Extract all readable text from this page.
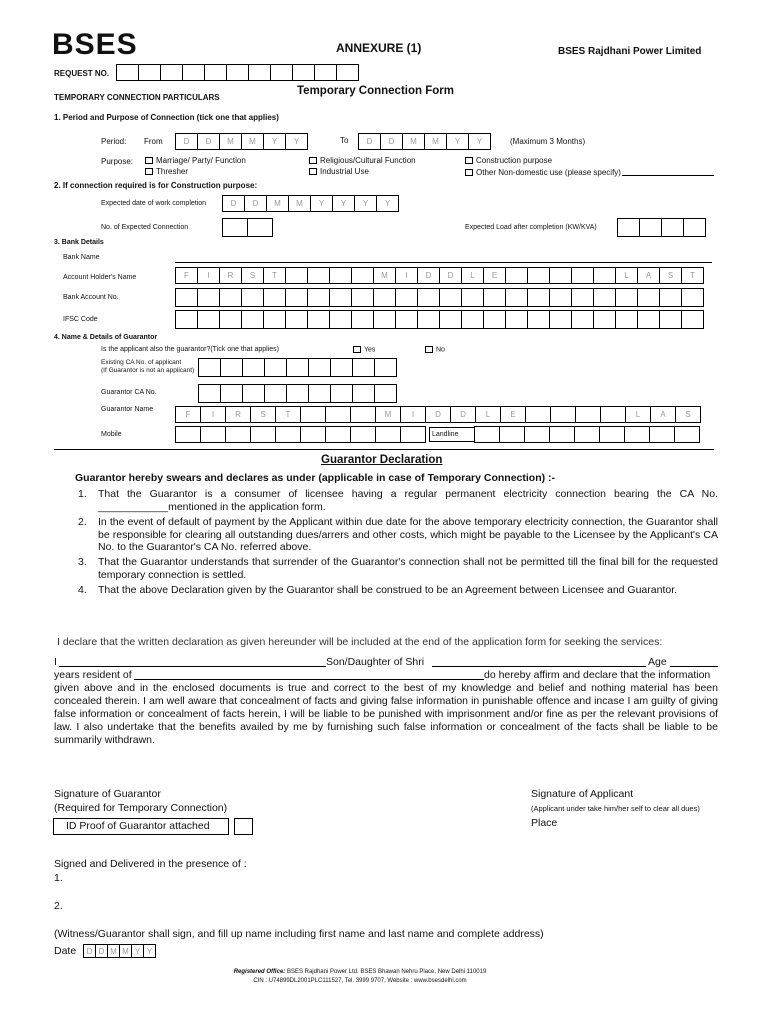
BSES	ANNEXURE (1)	BSES Rajdhani Power Limited
REQUEST NO.
TEMPORARY CONNECTION PARTICULARS
Temporary Connection Form
1. Period and Purpose of Connection (tick one that applies)
Period: From	D	D	M	M	Y	Y	To	D	D	M	M	Y	Y	(Maximum 3 Months)
Purpose:	Marriage/ Party/ Function	Religious/Cultural Function	Construction purpose
Thresher	Industrial Use	Other Non-domestic use (please specify)
2. If connection required is for Construction purpose:
Expected date of work completion	D	D	M	M	Y	Y	Y	Y
No. of Expected Connection	Expected Load after completion (KW/KVA)
3. Bank Details
Bank Name
Account Holder's Name	F	I	R	S	T	M	I	D	D	L	E	L	A	S	T
Bank Account No.
IFSC Code
4. Name & Details of Guarantor
Is the applicant also the guarantor?(Tick one that applies)	Yes	No
Existing CA No. of applicant
(If Guarantor is not an applicant)
Guarantor CA No.
Guarantor Name
F	I	R	S	T	M	I	D	D	L	E	L	A	S
Mobile	Landline
Guarantor Declaration
Guarantor hereby swears and declares as under (applicable in case of Temporary Connection) :-
1. That the Guarantor is a consumer of licensee having a regular permanent electricity connection bearing the CA No. ____________mentioned in the application form.
2. In the event of default of payment by the Applicant within due date for the above temporary electricity connection, the Guarantor shall be responsible for clearing all outstanding dues/arrers and other costs, which might be payable to the Licensee by the Applicant's CA No. to the Guarantor's CA No. referred above.
3. That the Guarantor understands that surrender of the Guarantor's connection shall not be permitted till the final bill for the requested temporary connection is settled.
4. That the above Declaration given by the Guarantor shall be construed to be an Agreement between Licensee and Guarantor.
I declare that the written declaration as given hereunder will be included at the end of the application form for seeking the services:
I	Son/Daughter of Shri	Age
years resident of	do hereby affirm and declare that the information
given above and in the enclosed documents is true and correct to the best of my knowledge and belief and nothing material has been concealed therein. I am well aware that concealment of facts and giving false information in punishable offence and incase I am guilty of giving false information or concealment of facts herein, I will be liable to be punished with imprisonment and/or fine as per the relevant provisions of law. I also undertake that the benefits availed by me by furnishing such false information or concealment of the facts shall be liable to be summarily withdrawn.
Signature of Guarantor
(Required for Temporary Connection)
ID Proof of Guarantor attached
Signature of Applicant
(Applicant under take him/her self to clear all dues)
Place
Signed and Delivered in the presence of :
1.
2.
(Witness/Guarantor shall sign, and fill up name including first name and last name and complete address)
Date	D D M M Y Y
Registered Office: BSES Rajdhani Power Ltd. BSES Bhawan Nehru Place, New Delhi 110019
CIN : U74899DL2001PLC111527, Tel. 3999 9707, Website : www.bsesdelhi.com
